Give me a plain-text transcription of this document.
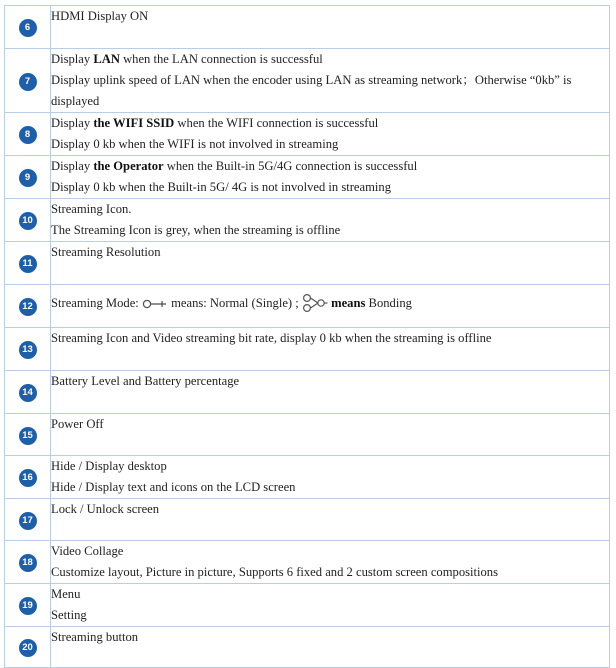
6	HDMI Display ON

7	Display LAN when the LAN connection is successful
Display uplink speed of LAN when the encoder using LAN as streaming network；Otherwise “0kb” is displayed

8	Display the WIFI SSID when the WIFI connection is successful
Display 0 kb when the WIFI is not involved in streaming

9	Display the Operator when the Built-in 5G/4G connection is successful
Display 0 kb when the Built-in 5G/ 4G is not involved in streaming

10	Streaming Icon.
The Streaming Icon is grey, when the streaming is offline

11	Streaming Resolution

12	Streaming Mode: means: Normal (Single) ; means Bonding

13	Streaming Icon and Video streaming bit rate, display 0 kb when the streaming is offline

14	Battery Level and Battery percentage

15	Power Off

16	Hide / Display desktop
Hide / Display text and icons on the LCD screen

17	Lock / Unlock screen

18	Video Collage
Customize layout, Picture in picture, Supports 6 fixed and 2 custom screen compositions

19	Menu
Setting

20	Streaming button
